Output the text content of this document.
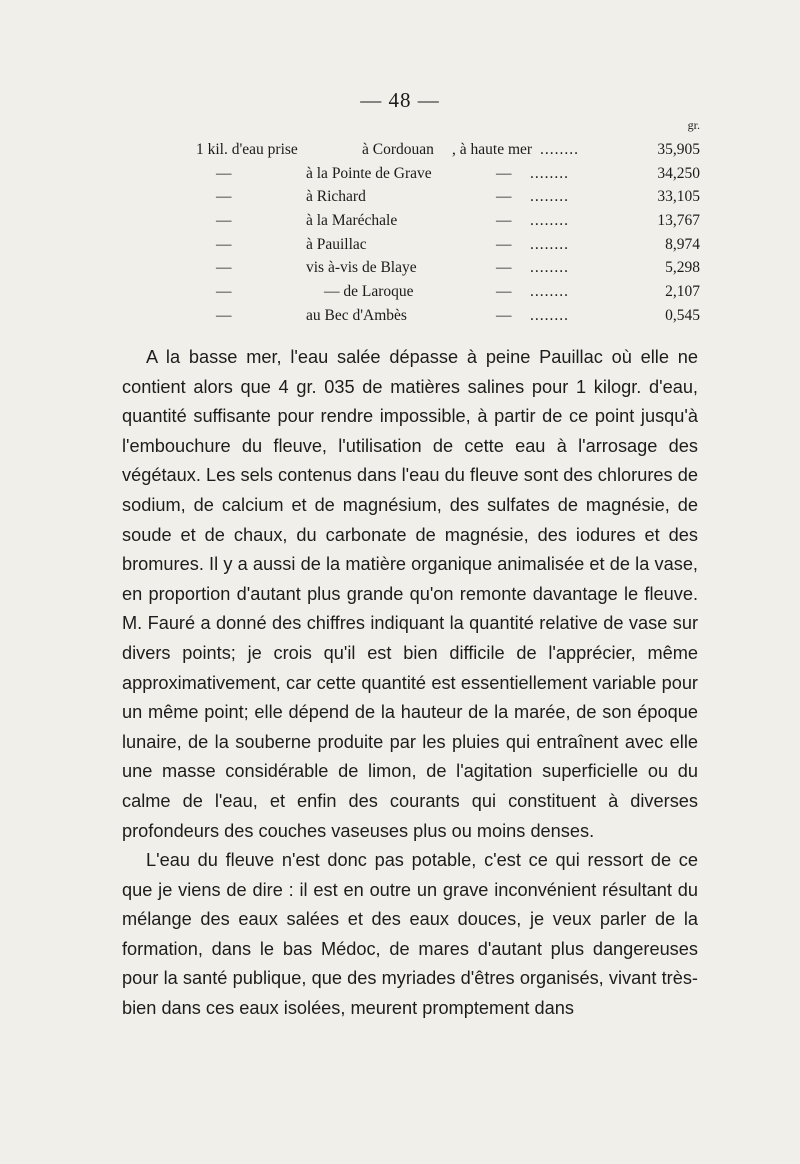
— 48 —
gr.
1 kil. d'eau prise	à Cordouan , à haute mer ........	35,905
—	à la Pointe de Grave	— ........	34,250
—	à Richard	— ........	33,105
—	à la Maréchale	— ........	13,767
—	à Pauillac	— ........	8,974
—	vis à-vis de Blaye	— ........	5,298
—	— de Laroque	— ........	2,107
—	au Bec d'Ambès	— ........	0,545

A la basse mer, l'eau salée dépasse à peine Pauillac où elle ne contient alors que 4 gr. 035 de matières salines pour 1 kilogr. d'eau, quantité suffisante pour rendre impossible, à partir de ce point jusqu'à l'embouchure du fleuve, l'utilisation de cette eau à l'arrosage des végétaux. Les sels contenus dans l'eau du fleuve sont des chlorures de sodium, de calcium et de magnésium, des sulfates de magnésie, de soude et de chaux, du carbonate de magnésie, des iodures et des bromures. Il y a aussi de la matière organique animalisée et de la vase, en proportion d'autant plus grande qu'on remonte davantage le fleuve. M. Fauré a donné des chiffres indiquant la quantité relative de vase sur divers points; je crois qu'il est bien difficile de l'apprécier, même approximativement, car cette quantité est essentiellement variable pour un même point; elle dépend de la hauteur de la marée, de son époque lunaire, de la souberne produite par les pluies qui entraînent avec elle une masse considérable de limon, de l'agitation superficielle ou du calme de l'eau, et enfin des courants qui constituent à diverses profondeurs des couches vaseuses plus ou moins denses.

L'eau du fleuve n'est donc pas potable, c'est ce qui ressort de ce que je viens de dire : il est en outre un grave inconvénient résultant du mélange des eaux salées et des eaux douces, je veux parler de la formation, dans le bas Médoc, de mares d'autant plus dangereuses pour la santé publique, que des myriades d'êtres organisés, vivant très-bien dans ces eaux isolées, meurent promptement dans
